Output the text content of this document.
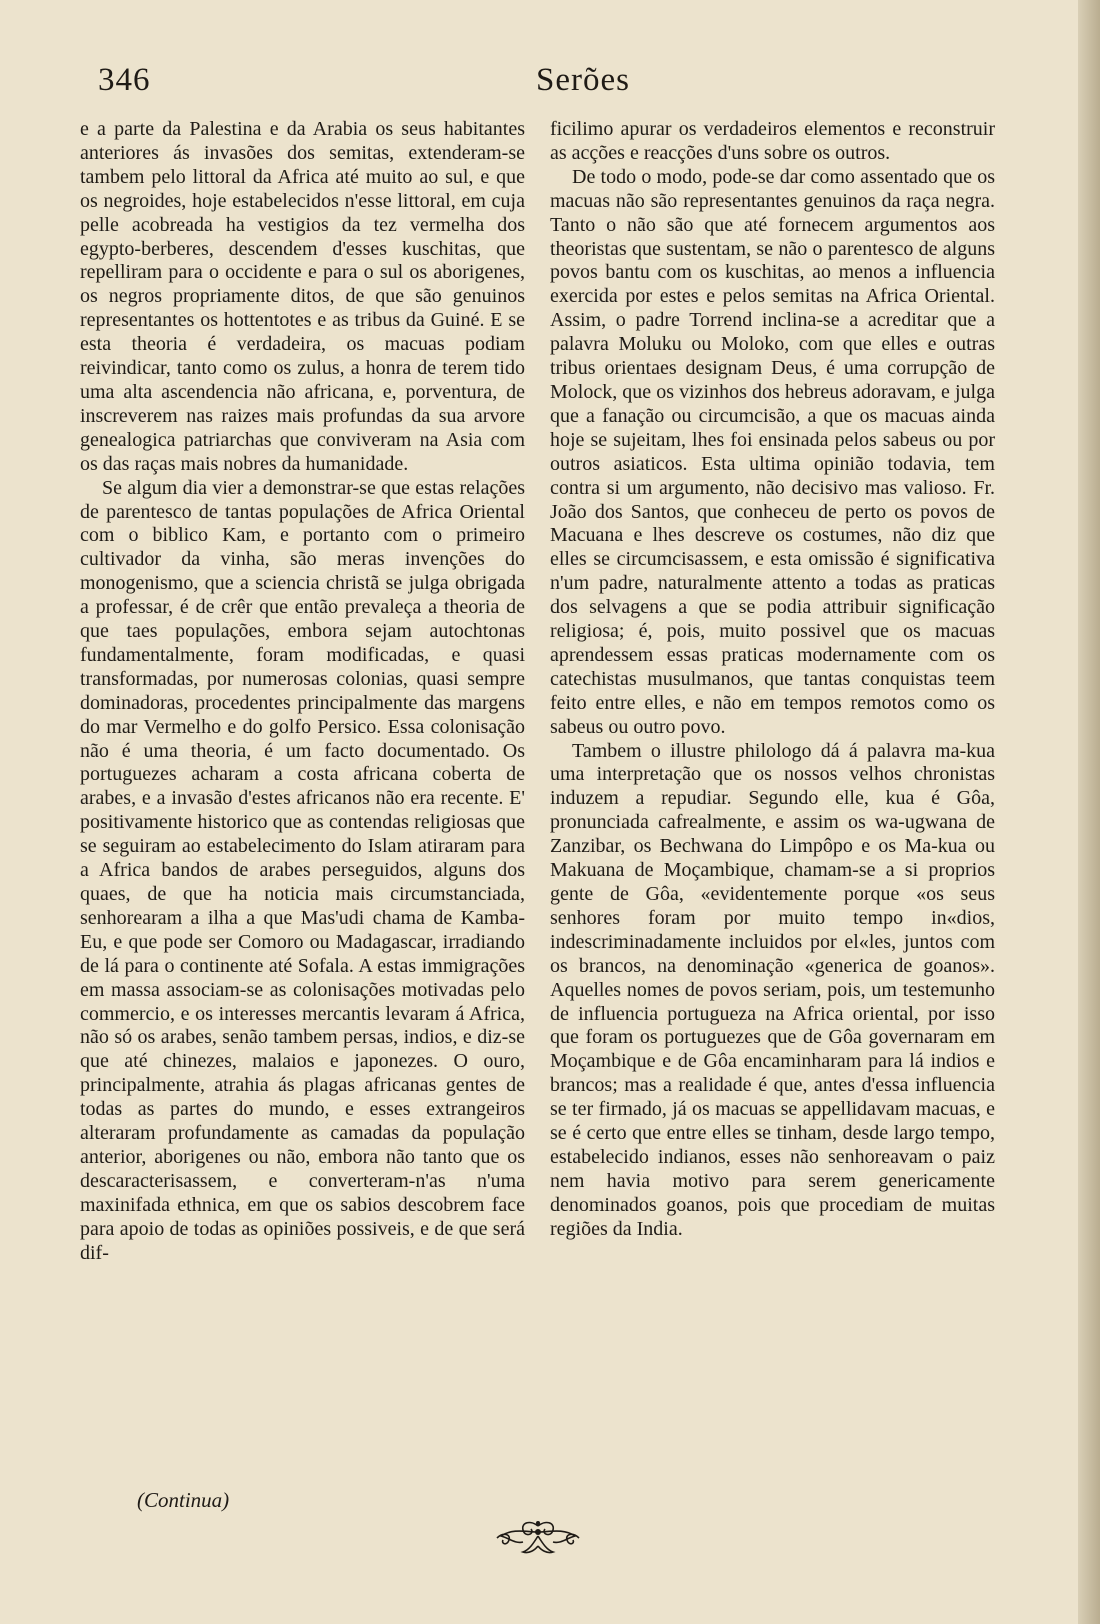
346	Serões

e a parte da Palestina e da Arabia os seus habitantes anteriores ás invasões dos semitas, extenderam-se tambem pelo littoral da Africa até muito ao sul, e que os negroides, hoje estabelecidos n'esse littoral, em cuja pelle acobreada ha vestigios da tez vermelha dos egypto-berberes, descendem d'esses kuschitas, que repelliram para o occidente e para o sul os aborigenes, os negros propriamente ditos, de que são genuinos representantes os hottentotes e as tribus da Guiné. E se esta theoria é verdadeira, os macuas podiam reivindicar, tanto como os zulus, a honra de terem tido uma alta ascendencia não africana, e, porventura, de inscreverem nas raizes mais profundas da sua arvore genealogica patriarchas que conviveram na Asia com os das raças mais nobres da humanidade.

Se algum dia vier a demonstrar-se que estas relações de parentesco de tantas populações de Africa Oriental com o biblico Kam, e portanto com o primeiro cultivador da vinha, são meras invenções do monogenismo, que a sciencia christã se julga obrigada a professar, é de crêr que então prevaleça a theoria de que taes populações, embora sejam autochtonas fundamentalmente, foram modificadas, e quasi transformadas, por numerosas colonias, quasi sempre dominadoras, procedentes principalmente das margens do mar Vermelho e do golfo Persico. Essa colonisação não é uma theoria, é um facto documentado. Os portuguezes acharam a costa africana coberta de arabes, e a invasão d'estes africanos não era recente. E' positivamente historico que as contendas religiosas que se seguiram ao estabelecimento do Islam atiraram para a Africa bandos de arabes perseguidos, alguns dos quaes, de que ha noticia mais circumstanciada, senhorearam a ilha a que Mas'udi chama de Kamba-Eu, e que pode ser Comoro ou Madagascar, irradiando de lá para o continente até Sofala. A estas immigrações em massa associam-se as colonisações motivadas pelo commercio, e os interesses mercantis levaram á Africa, não só os arabes, senão tambem persas, indios, e diz-se que até chinezes, malaios e japonezes. O ouro, principalmente, atrahia ás plagas africanas gentes de todas as partes do mundo, e esses extrangeiros alteraram profundamente as camadas da população anterior, aborigenes ou não, embora não tanto que os descaracterisassem, e converteram-n'as n'uma maxinifada ethnica, em que os sabios descobrem face para apoio de todas as opiniões possiveis, e de que será dif-

ficilimo apurar os verdadeiros elementos e reconstruir as acções e reacções d'uns sobre os outros.

De todo o modo, pode-se dar como assentado que os macuas não são representantes genuinos da raça negra. Tanto o não são que até fornecem argumentos aos theoristas que sustentam, se não o parentesco de alguns povos bantu com os kuschitas, ao menos a influencia exercida por estes e pelos semitas na Africa Oriental. Assim, o padre Torrend inclina-se a acreditar que a palavra Moluku ou Moloko, com que elles e outras tribus orientaes designam Deus, é uma corrupção de Molock, que os vizinhos dos hebreus adoravam, e julga que a fanação ou circumcisão, a que os macuas ainda hoje se sujeitam, lhes foi ensinada pelos sabeus ou por outros asiaticos. Esta ultima opinião todavia, tem contra si um argumento, não decisivo mas valioso. Fr. João dos Santos, que conheceu de perto os povos de Macuana e lhes descreve os costumes, não diz que elles se circumcisassem, e esta omissão é significativa n'um padre, naturalmente attento a todas as praticas dos selvagens a que se podia attribuir significação religiosa; é, pois, muito possivel que os macuas aprendessem essas praticas modernamente com os catechistas musulmanos, que tantas conquistas teem feito entre elles, e não em tempos remotos como os sabeus ou outro povo.

Tambem o illustre philologo dá á palavra ma-kua uma interpretação que os nossos velhos chronistas induzem a repudiar. Segundo elle, kua é Gôa, pronunciada cafrealmente, e assim os wa-ugwana de Zanzibar, os Bechwana do Limpôpo e os Ma-kua ou Makuana de Moçambique, chamam-se a si proprios gente de Gôa, «evidentemente porque «os seus senhores foram por muito tempo in«dios, indescriminadamente incluidos por el«les, juntos com os brancos, na denominação «generica de goanos». Aquelles nomes de povos seriam, pois, um testemunho de influencia portugueza na Africa oriental, por isso que foram os portuguezes que de Gôa governaram em Moçambique e de Gôa encaminharam para lá indios e brancos; mas a realidade é que, antes d'essa influencia se ter firmado, já os macuas se appellidavam macuas, e se é certo que entre elles se tinham, desde largo tempo, estabelecido indianos, esses não senhoreavam o paiz nem havia motivo para serem genericamente denominados goanos, pois que procediam de muitas regiões da India.

(Continua)
